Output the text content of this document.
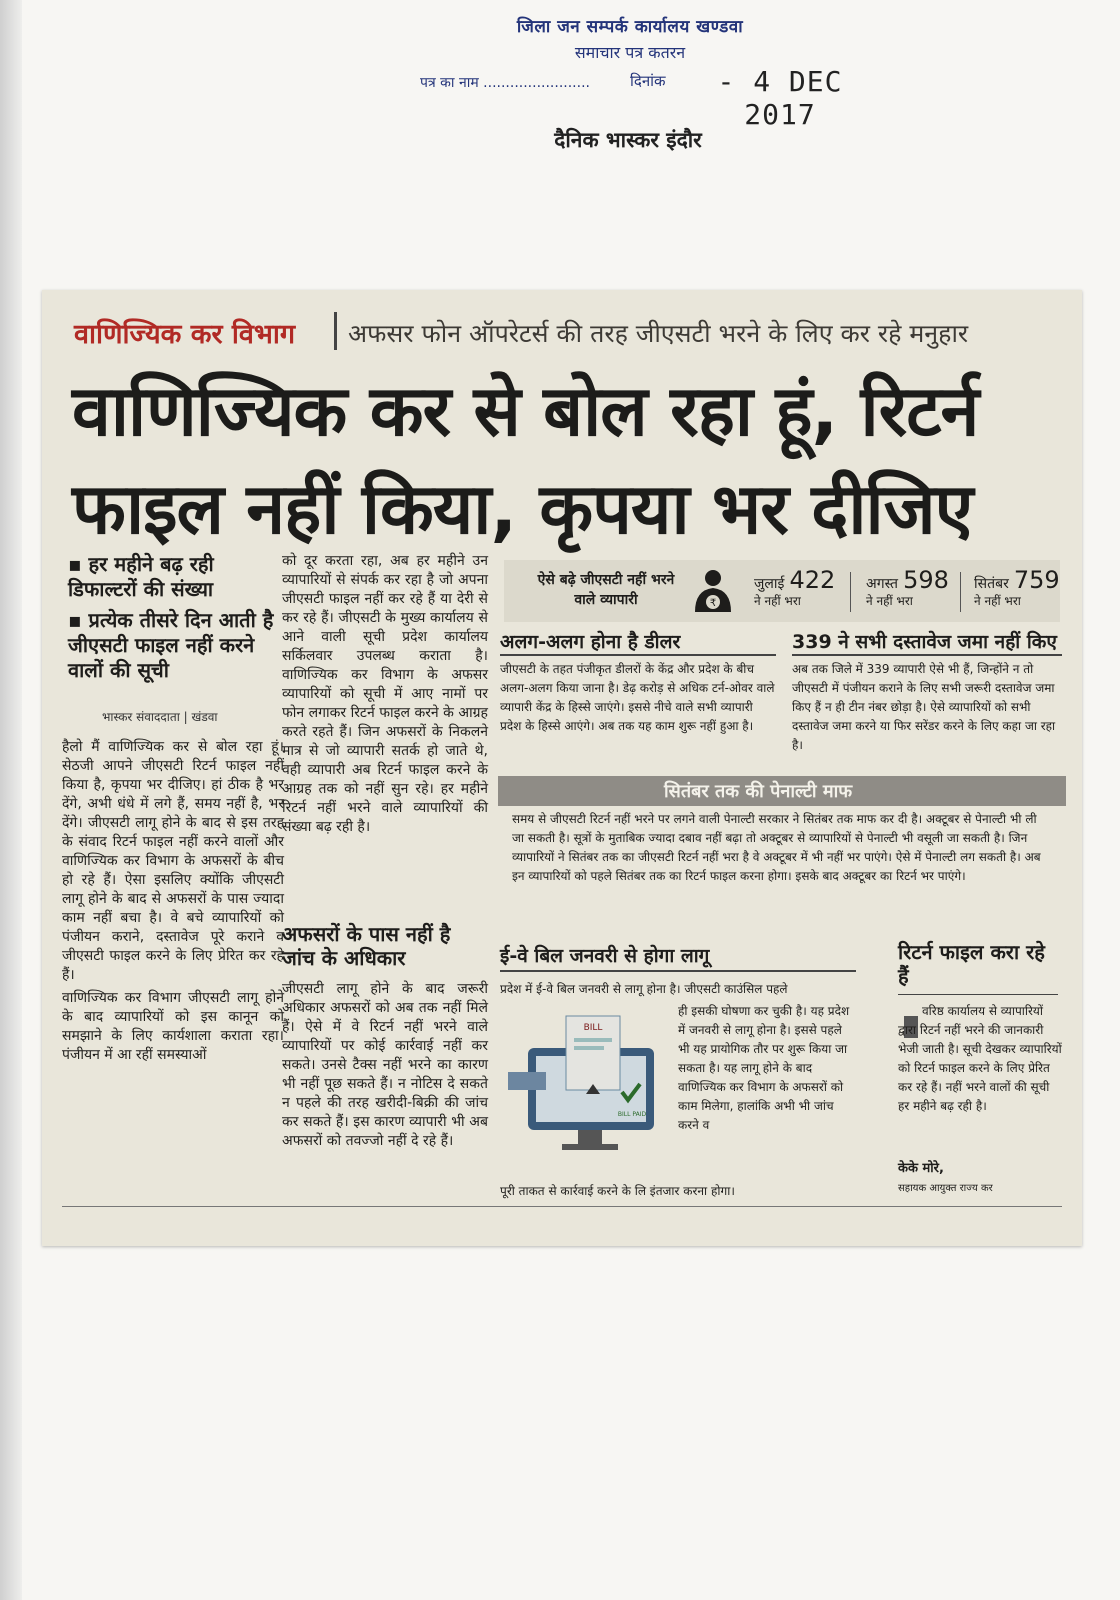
जिला जन सम्पर्क कार्यालय खण्डवा
समाचार पत्र कतरन
पत्र का नाम ........................	दिनांक	- 4 DEC 2017
दैनिक भास्कर इंदौर
वाणिज्यिक कर विभाग अफसर फोन ऑपरेटर्स की तरह जीएसटी भरने के लिए कर रहे मनुहार
वाणिज्यिक कर से बोल रहा हूं, रिटर्न
फाइल नहीं किया, कृपया भर दीजिए
▪ हर महीने बढ़ रही डिफाल्टरों की संख्या
▪ प्रत्येक तीसरे दिन आती है जीएसटी फाइल नहीं करने वालों की सूची
भास्कर संवाददाता | खंडवा

हैलो मैं वाणिज्यिक कर से बोल रहा हूं। सेठजी आपने जीएसटी रिटर्न फाइल नहीं किया है, कृपया भर दीजिए। हां ठीक है भर देंगे, अभी धंधे में लगे हैं, समय नहीं है, भर देंगे। जीएसटी लागू होने के बाद से इस तरह के संवाद रिटर्न फाइल नहीं करने वालों और वाणिज्यिक कर विभाग के अफसरों के बीच हो रहे हैं। ऐसा इसलिए क्योंकि जीएसटी लागू होने के बाद से अफसरों के पास ज्यादा काम नहीं बचा है। वे बचे व्यापारियों को पंजीयन कराने, दस्तावेज पूरे कराने व जीएसटी फाइल करने के लिए प्रेरित कर रहे हैं।

वाणिज्यिक कर विभाग जीएसटी लागू होने के बाद व्यापारियों को इस कानून को समझाने के लिए कार्यशाला कराता रहा। पंजीयन में आ रहीं समस्याओं

को दूर करता रहा, अब हर महीने उन व्यापारियों से संपर्क कर रहा है जो अपना जीएसटी फाइल नहीं कर रहे हैं या देरी से कर रहे हैं। जीएसटी के मुख्य कार्यालय से आने वाली सूची प्रदेश कार्यालय सर्किलवार उपलब्ध कराता है। वाणिज्यिक कर विभाग के अफसर व्यापारियों को सूची में आए नामों पर फोन लगाकर रिटर्न फाइल करने के आग्रह करते रहते हैं। जिन अफसरों के निकलने मात्र से जो व्यापारी सतर्क हो जाते थे, वही व्यापारी अब रिटर्न फाइल करने के आग्रह तक को नहीं सुन रहे। हर महीने रिटर्न नहीं भरने वाले व्यापारियों की संख्या बढ़ रही है।
अफसरों के पास नहीं है जांच के अधिकार
जीएसटी लागू होने के बाद जरूरी अधिकार अफसरों को अब तक नहीं मिले हैं। ऐसे में वे रिटर्न नहीं भरने वाले व्यापारियों पर कोई कार्रवाई नहीं कर सकते। उनसे टैक्स नहीं भरने का कारण भी नहीं पूछ सकते हैं। न नोटिस दे सकते न पहले की तरह खरीदी-बिक्री की जांच कर सकते हैं। इस कारण व्यापारी भी अब अफसरों को तवज्जो नहीं दे रहे हैं।
ऐसे बढ़े जीएसटी नहीं भरने वाले व्यापारी	₹
जुलाई 422
ने नहीं भरा
अगस्त 598
ने नहीं भरा
सितंबर 759
ने नहीं भरा
अलग-अलग होना है डीलर
जीएसटी के तहत पंजीकृत डीलरों के केंद्र और प्रदेश के बीच अलग-अलग किया जाना है। डेढ़ करोड़ से अधिक टर्न-ओवर वाले व्यापारी केंद्र के हिस्से जाएंगे। इससे नीचे वाले सभी व्यापारी प्रदेश के हिस्से आएंगे। अब तक यह काम शुरू नहीं हुआ है।
339 ने सभी दस्तावेज जमा नहीं किए
अब तक जिले में 339 व्यापारी ऐसे भी हैं, जिन्होंने न तो जीएसटी में पंजीयन कराने के लिए सभी जरूरी दस्तावेज जमा किए हैं न ही टीन नंबर छोड़ा है। ऐसे व्यापारियों को सभी दस्तावेज जमा करने या फिर सरेंडर करने के लिए कहा जा रहा है।
सितंबर तक की पेनाल्टी माफ
समय से जीएसटी रिटर्न नहीं भरने पर लगने वाली पेनाल्टी सरकार ने सितंबर तक माफ कर दी है। अक्टूबर से पेनाल्टी भी ली जा सकती है। सूत्रों के मुताबिक ज्यादा दबाव नहीं बढ़ा तो अक्टूबर से व्यापारियों से पेनाल्टी भी वसूली जा सकती है। जिन व्यापारियों ने सितंबर तक का जीएसटी रिटर्न नहीं भरा है वे अक्टूबर में भी नहीं भर पाएंगे। ऐसे में पेनाल्टी लग सकती है। अब इन व्यापारियों को पहले सितंबर तक का रिटर्न फाइल करना होगा। इसके बाद अक्टूबर का रिटर्न भर पाएंगे।
ई-वे बिल जनवरी से होगा लागू
प्रदेश में ई-वे बिल जनवरी से लागू होना है। जीएसटी काउंसिल पहले
BILL
BILL PAID
ही इसकी घोषणा कर चुकी है। यह प्रदेश में जनवरी से लागू होना है। इससे पहले भी यह प्रायोगिक तौर पर शुरू किया जा सकता है। यह लागू होने के बाद वाणिज्यिक कर विभाग के अफसरों को काम मिलेगा, हालांकि अभी भी जांच करने व
पूरी ताकत से कार्रवाई करने के लि इंतजार करना होगा।
रिटर्न फाइल करा रहे हैं
वरिष्ठ कार्यालय से व्यापारियों द्वारा रिटर्न नहीं भरने की जानकारी भेजी जाती है। सूची देखकर व्यापारियों को रिटर्न फाइल करने के लिए प्रेरित कर रहे हैं। नहीं भरने वालों की सूची हर महीने बढ़ रही है।
केके मोरे,
सहायक आयुक्त राज्य कर
